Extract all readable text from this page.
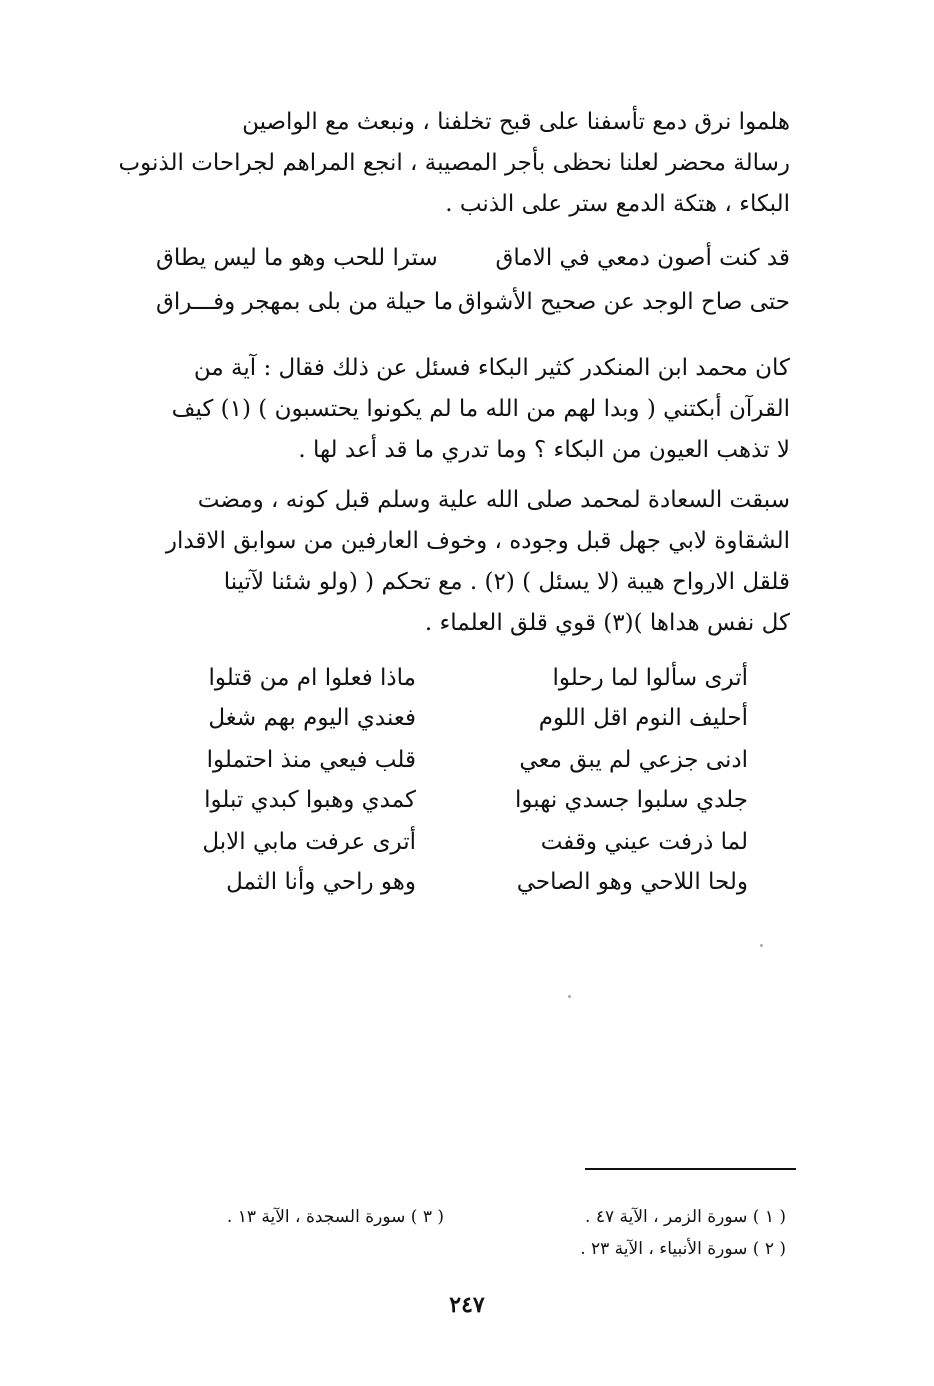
هلموا نرق دمع تأسفنا على قبح تخلفنا ، ونبعث مع الواصين
رسالة محضر لعلنا نحظى بأجر المصيبة ، انجع المراهم لجراحات الذنوب
البكاء ، هتكة الدمع ستر على الذنب .
قد كنت أصون دمعي في الاماق
سترا للحب وهو ما ليس يطاق
حتى صاح الوجد عن صحيح الأشواق
ما حيلة من بلى بمهجر وفـــراق
كان محمد ابن المنكدر كثير البكاء فسئل عن ذلك فقال : آية من
القرآن أبكتني ( وبدا لهم من الله ما لم يكونوا يحتسبون ) (١) كيف
لا تذهب العيون من البكاء ؟ وما تدري ما قد أعد لها .
سبقت السعادة لمحمد صلى الله علية وسلم قبل كونه ، ومضت
الشقاوة لابي جهل قبل وجوده ، وخوف العارفين من سوابق الاقدار
قلقل الارواح هيبة (لا يسئل ) (٢) . مع تحكم ( (ولو شئنا لآتينا
كل نفس هداها )(٣) قوي قلق العلماء .
أترى سألوا لما رحلوا
أحليف النوم اقل اللوم
ادنى جزعي لم يبق معي
جلدي سلبوا جسدي نهبوا
لما ذرفت عيني وقفت
ولحا اللاحي وهو الصاحي
ماذا فعلوا ام من قتلوا
فعندي اليوم بهم شغل
قلب فيعي منذ احتملوا
كمدي وهبوا كبدي تبلوا
أترى عرفت مابي الابل
وهو راحي وأنا الثمل
( ١ ) سورة الزمر ، الآية ٤٧ .
( ٢ ) سورة الأنبياء ، الآية ٢٣ .
( ٣ ) سورة السجدة ، الآية ١٣ .
٢٤٧
